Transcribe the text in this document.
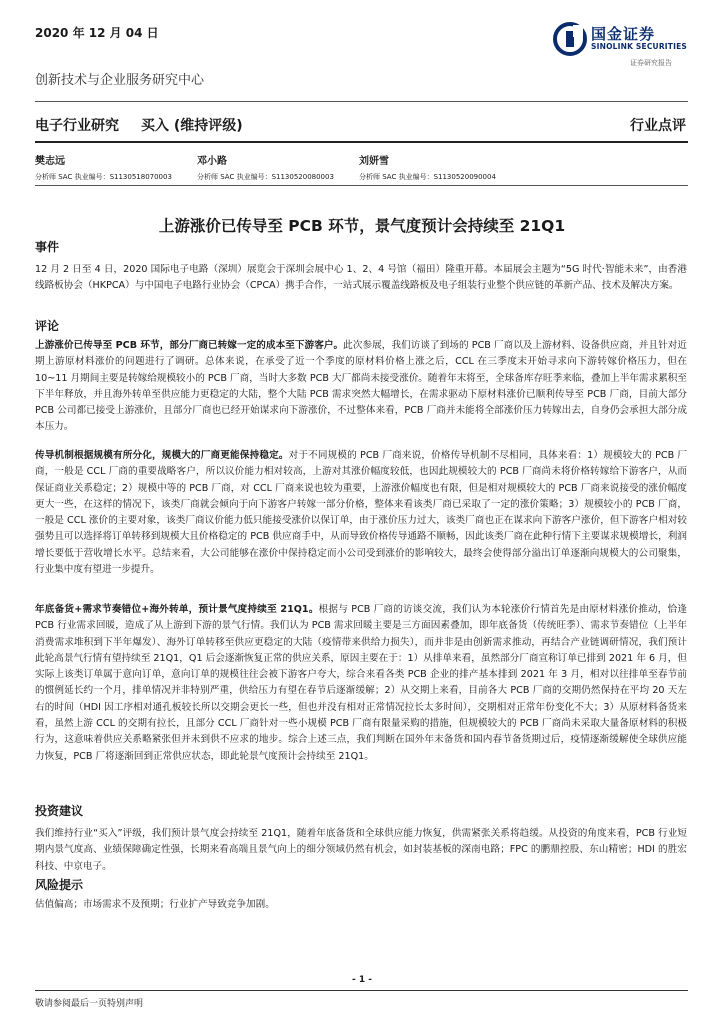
2020 年 12 月 04 日	国金证券
SINOLINK SECURITIES
证券研究报告
创新技术与企业服务研究中心
电子行业研究 买入 (维持评级)	行业点评
樊志远
分析师 SAC 执业编号：S1130518070003
邓小路
分析师 SAC 执业编号：S1130520080003
刘妍雪
分析师 SAC 执业编号：S1130520090004
上游涨价已传导至 PCB 环节，景气度预计会持续至 21Q1
事件
12 月 2 日至 4 日，2020 国际电子电路（深圳）展览会于深圳会展中心 1、2、4 号馆（福田）隆重开幕。本届展会主题为“5G 时代·智能未来”，由香港线路板协会（HKPCA）与中国电子电路行业协会（CPCA）携手合作，一站式展示覆盖线路板及电子组装行业整个供应链的革新产品、技术及解决方案。
评论
上游涨价已传导至 PCB 环节，部分厂商已转嫁一定的成本至下游客户。此次参展，我们访谈了到场的 PCB 厂商以及上游材料、设备供应商，并且针对近期上游原材料涨价的问题进行了调研。总体来说，在承受了近一个季度的原材料价格上涨之后，CCL 在三季度末开始寻求向下游转嫁价格压力，但在 10~11 月期间主要是转嫁给规模较小的 PCB 厂商，当时大多数 PCB 大厂都尚未接受涨价。随着年末将至，全球备库存旺季来临，叠加上半年需求累积至下半年释放，并且海外转单至供应能力更稳定的大陆，整个大陆 PCB 需求突然大幅增长，在需求驱动下原材料涨价已顺利传导至 PCB 厂商，目前大部分 PCB 公司都已接受上游涨价，且部分厂商也已经开始谋求向下游涨价，不过整体来看，PCB 厂商并未能将全部涨价压力转嫁出去，自身仍会承担大部分成本压力。
传导机制根据规模有所分化，规模大的厂商更能保持稳定。对于不同规模的 PCB 厂商来说，价格传导机制不尽相同，具体来看：1）规模较大的 PCB 厂商，一般是 CCL 厂商的重要战略客户，所以议价能力相对较高，上游对其涨价幅度较低，也因此规模较大的 PCB 厂商尚未将价格转嫁给下游客户，从而保证商业关系稳定；2）规模中等的 PCB 厂商，对 CCL 厂商来说也较为重要，上游涨价幅度也有限，但是相对规模较大的 PCB 厂商来说接受的涨价幅度更大一些，在这样的情况下，该类厂商就会倾向于向下游客户转嫁一部分价格，整体来看该类厂商已采取了一定的涨价策略；3）规模较小的 PCB 厂商，一般是 CCL 涨价的主要对象，该类厂商议价能力低只能接受涨价以保订单，由于涨价压力过大，该类厂商也正在谋求向下游客户涨价，但下游客户相对较强势且可以选择将订单转移到规模大且价格稳定的 PCB 供应商手中，从而导致价格传导通路不顺畅，因此该类厂商在此种行情下主要谋求规模增长，利润增长要低于营收增长水平。总结来看，大公司能够在涨价中保持稳定而小公司受到涨价的影响较大，最终会使得部分溢出订单逐渐向规模大的公司聚集，行业集中度有望进一步提升。
年底备货+需求节奏错位+海外转单，预计景气度持续至 21Q1。根据与 PCB 厂商的访谈交流，我们认为本轮涨价行情首先是由原材料涨价推动，恰逢 PCB 行业需求回暖，造成了从上游到下游的景气行情。我们认为 PCB 需求回暖主要是三方面因素叠加，即年底备货（传统旺季）、需求节奏错位（上半年消费需求堆积到下半年爆发）、海外订单转移至供应更稳定的大陆（疫情带来供给力损失），而并非是由创新需求推动，再结合产业链调研情况，我们预计此轮高景气行情有望持续至 21Q1，Q1 后会逐渐恢复正常的供应关系，原因主要在于：1）从排单来看，虽然部分厂商宣称订单已排到 2021 年 6 月，但实际上该类订单属于意向订单，意向订单的规模往往会被下游客户夸大，综合来看各类 PCB 企业的排产基本排到 2021 年 3 月，相对以往排单至春节前的惯例延长约一个月，排单情况并非特别严重，供给压力有望在春节后逐渐缓解；2）从交期上来看，目前各大 PCB 厂商的交期仍然保持在平均 20 天左右的时间（HDI 因工序相对通孔板较长所以交期会更长一些，但也并没有相对正常情况拉长太多时间），交期相对正常年份变化不大；3）从原材料备货来看，虽然上游 CCL 的交期有拉长，且部分 CCL 厂商针对一些小规模 PCB 厂商有限量采购的措施，但规模较大的 PCB 厂商尚未采取大量备原材料的积极行为，这意味着供应关系略紧张但并未到供不应求的地步。综合上述三点，我们判断在国外年末备货和国内春节备货期过后，疫情逐渐缓解使全球供应能力恢复，PCB 厂将逐渐回到正常供应状态，即此轮景气度预计会持续至 21Q1。
投资建议
我们维持行业“买入”评级，我们预计景气度会持续至 21Q1，随着年底备货和全球供应能力恢复，供需紧张关系将趋缓。从投资的角度来看，PCB 行业短期内景气度高、业绩保障确定性强，长期来看高端且景气向上的细分领域仍然有机会，如封装基板的深南电路；FPC 的鹏鼎控股、东山精密；HDI 的胜宏科技、中京电子。
风险提示
估值偏高；市场需求不及预期；行业扩产导致竞争加剧。
- 1 -
敬请参阅最后一页特别声明
